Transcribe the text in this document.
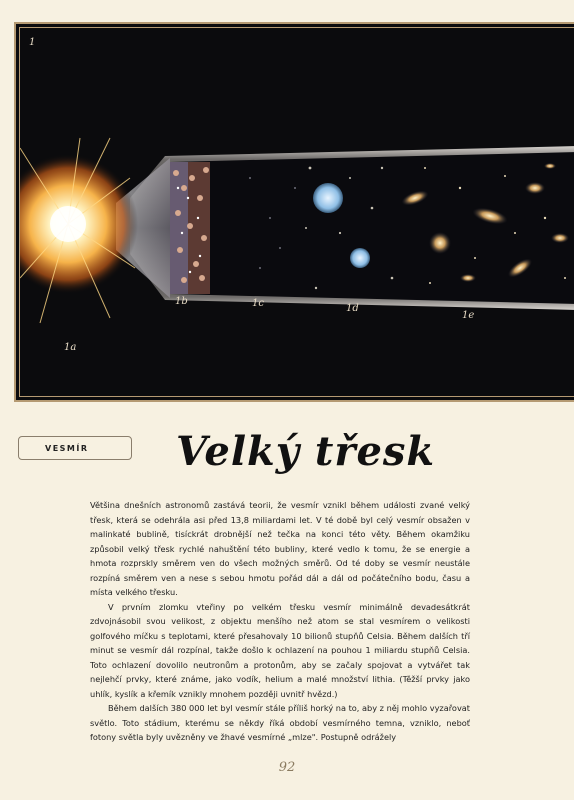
1
1a
1b	1c	1d
1e
VESMÍR	Velký třesk

Většina dnešních astronomů zastává teorii, že vesmír vznikl během události zvané velký třesk, která se odehrála asi před 13,8 miliardami let. V té době byl celý vesmír obsažen v malinkaté bublině, tisíckrát drobnější než tečka na konci této věty. Během okamžiku způsobil velký třesk rychlé nahuštění této bubliny, které vedlo k tomu, že se energie a hmota rozprskly směrem ven do všech možných směrů. Od té doby se vesmír neustále rozpíná směrem ven a nese s sebou hmotu pořád dál a dál od počátečního bodu, času a místa velkého třesku.

V prvním zlomku vteřiny po velkém třesku vesmír minimálně devadesátkrát zdvojnásobil svou velikost, z objektu menšího než atom se stal vesmírem o velikosti golfového míčku s teplotami, které přesahovaly 10 bilionů stupňů Celsia. Během dalších tří minut se vesmír dál rozpínal, takže došlo k ochlazení na pouhou 1 miliardu stupňů Celsia. Toto ochlazení dovolilo neutronům a protonům, aby se začaly spojovat a vytvářet tak nejlehčí prvky, které známe, jako vodík, helium a malé množství lithia. (Těžší prvky jako uhlík, kyslík a křemík vznikly mnohem později uvnitř hvězd.)

Během dalších 380 000 let byl vesmír stále příliš horký na to, aby z něj mohlo vyzařovat světlo. Toto stádium, kterému se někdy říká období vesmírného temna, vzniklo, neboť fotony světla byly uvězněny ve žhavé vesmírné „mlze". Postupně odrážely

92
